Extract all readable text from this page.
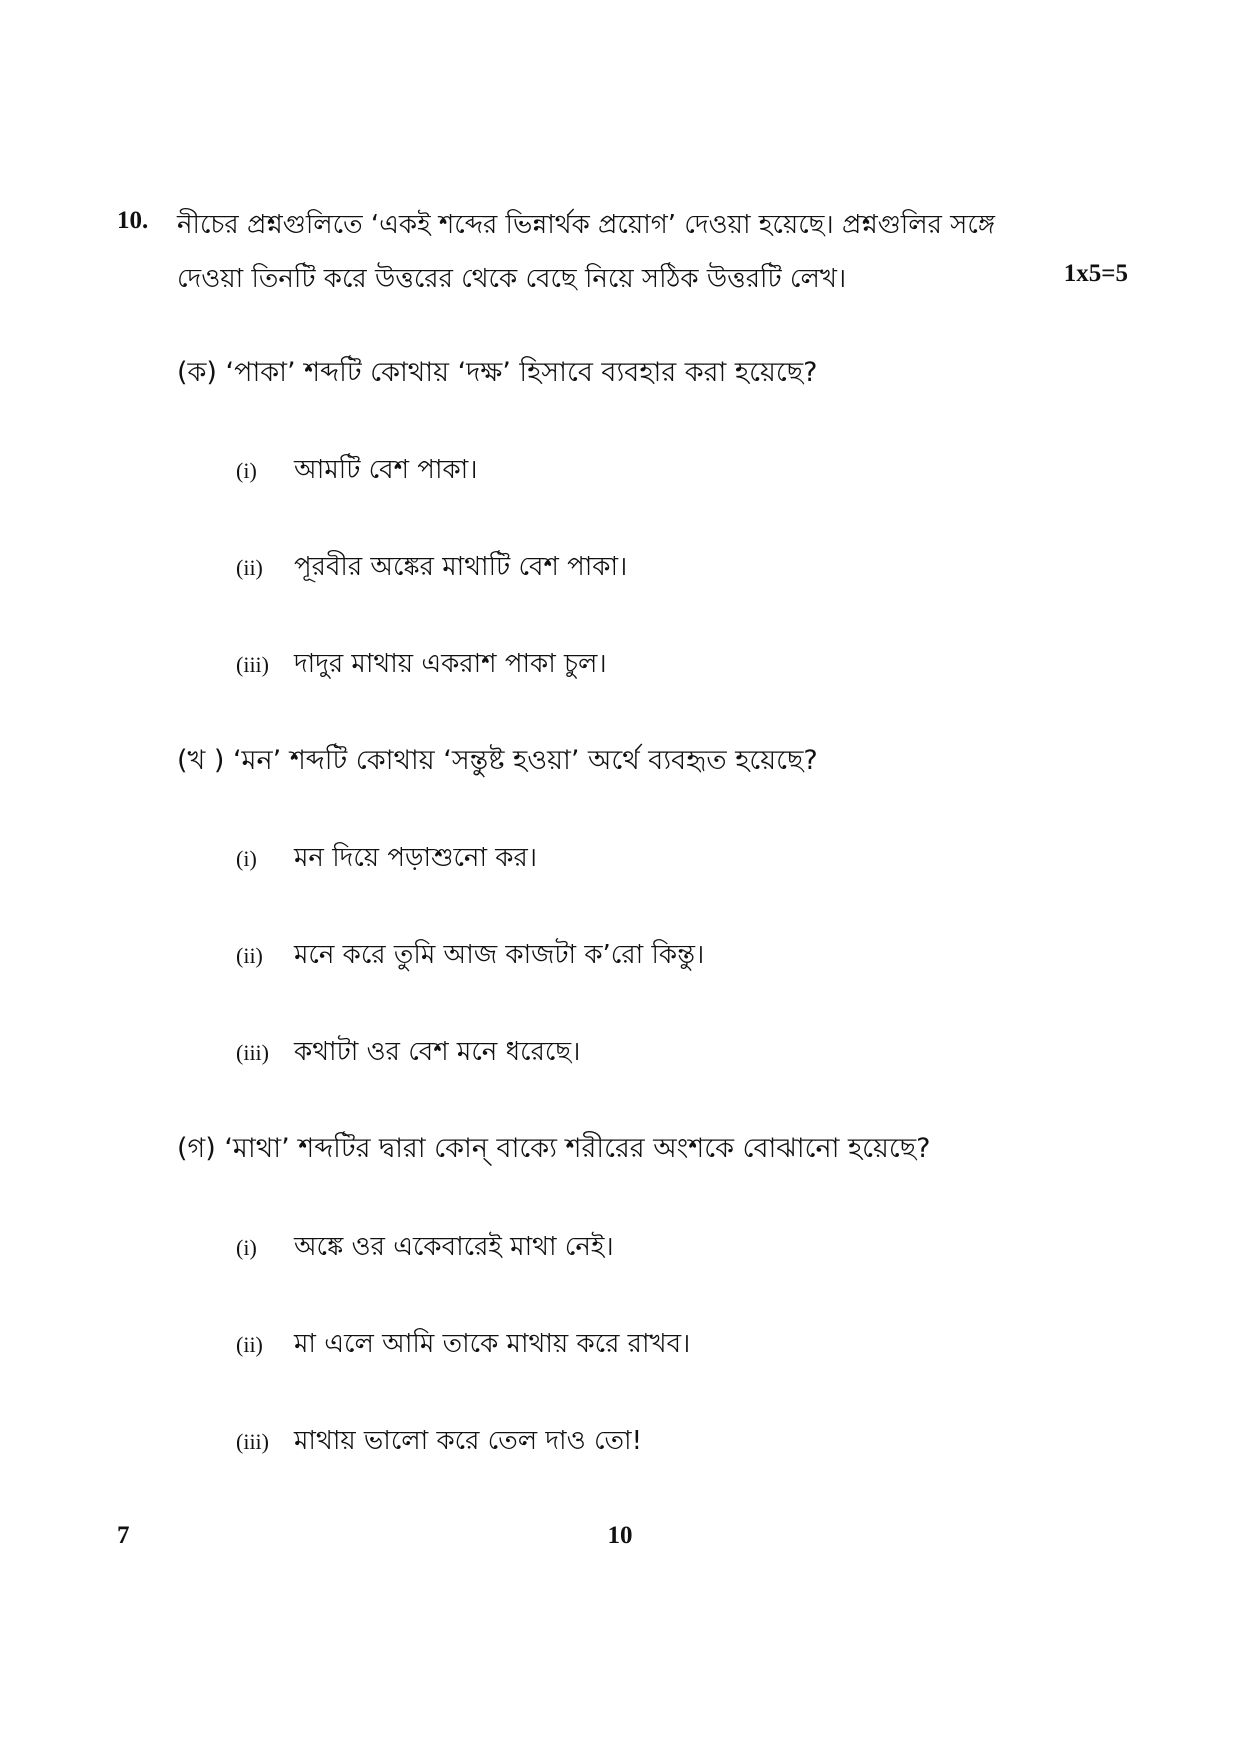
10. নীচের প্রশ্নগুলিতে ‘একই শব্দের ভিন্নার্থক প্রয়োগ’ দেওয়া হয়েছে। প্রশ্নগুলির সঙ্গে
দেওয়া তিনটি করে উত্তরের থেকে বেছে নিয়ে সঠিক উত্তরটি লেখ।	1x5=5
(ক) ‘পাকা’ শব্দটি কোথায় ‘দক্ষ’ হিসাবে ব্যবহার করা হয়েছে?
(i) আমটি বেশ পাকা।
(ii) পূরবীর অঙ্কের মাথাটি বেশ পাকা।
(iii) দাদুর মাথায় একরাশ পাকা চুল।
(খ ) ‘মন’ শব্দটি কোথায় ‘সন্তুষ্ট হওয়া’ অর্থে ব্যবহৃত হয়েছে?
(i) মন দিয়ে পড়াশুনো কর।
(ii) মনে করে তুমি আজ কাজটা ক’রো কিন্তু।
(iii) কথাটা ওর বেশ মনে ধরেছে।
(গ) ‘মাথা’ শব্দটির দ্বারা কোন্ বাক্যে শরীরের অংশকে বোঝানো হয়েছে?
(i) অঙ্কে ওর একেবারেই মাথা নেই।
(ii) মা এলে আমি তাকে মাথায় করে রাখব।
(iii) মাথায় ভালো করে তেল দাও তো!
7	10
